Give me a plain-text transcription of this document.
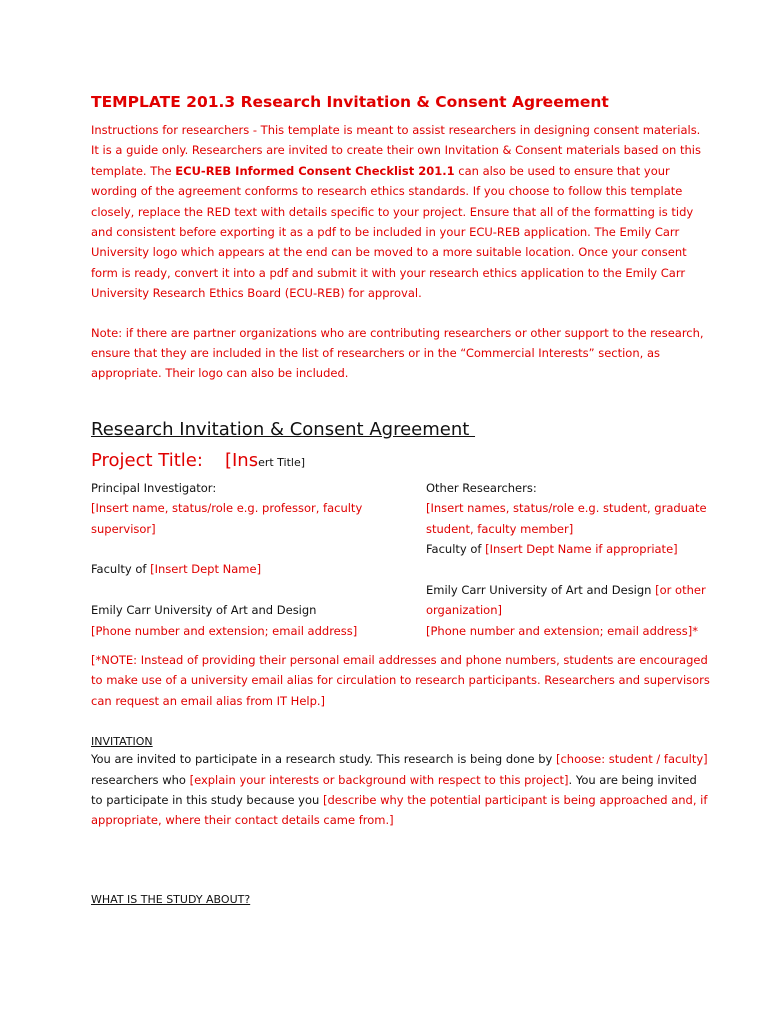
TEMPLATE 201.3 Research Invitation & Consent Agreement

Instructions for researchers - This template is meant to assist researchers in designing consent materials. It is a guide only. Researchers are invited to create their own Invitation & Consent materials based on this template. The ECU-REB Informed Consent Checklist 201.1 can also be used to ensure that your wording of the agreement conforms to research ethics standards. If you choose to follow this template closely, replace the RED text with details specific to your project. Ensure that all of the formatting is tidy and consistent before exporting it as a pdf to be included in your ECU-REB application. The Emily Carr University logo which appears at the end can be moved to a more suitable location. Once your consent form is ready, convert it into a pdf and submit it with your research ethics application to the Emily Carr University Research Ethics Board (ECU-REB) for approval.

Note: if there are partner organizations who are contributing researchers or other support to the research, ensure that they are included in the list of researchers or in the “Commercial Interests” section, as appropriate. Their logo can also be included.

Research Invitation & Consent Agreement
Project Title: [Insert Title]

Principal Investigator:

[Insert name, status/role e.g. professor, faculty supervisor]

Faculty of [Insert Dept Name]

Emily Carr University of Art and Design

[Phone number and extension; email address]

Other Researchers:

[Insert names, status/role e.g. student, graduate student, faculty member]

Faculty of [Insert Dept Name if appropriate]

Emily Carr University of Art and Design [or other organization]

[Phone number and extension; email address]*

[*NOTE: Instead of providing their personal email addresses and phone numbers, students are encouraged to make use of a university email alias for circulation to research participants. Researchers and supervisors can request an email alias from IT Help.]

INVITATION

You are invited to participate in a research study. This research is being done by [choose: student / faculty] researchers who [explain your interests or background with respect to this project]. You are being invited to participate in this study because you [describe why the potential participant is being approached and, if appropriate, where their contact details came from.]

WHAT IS THE STUDY ABOUT?
